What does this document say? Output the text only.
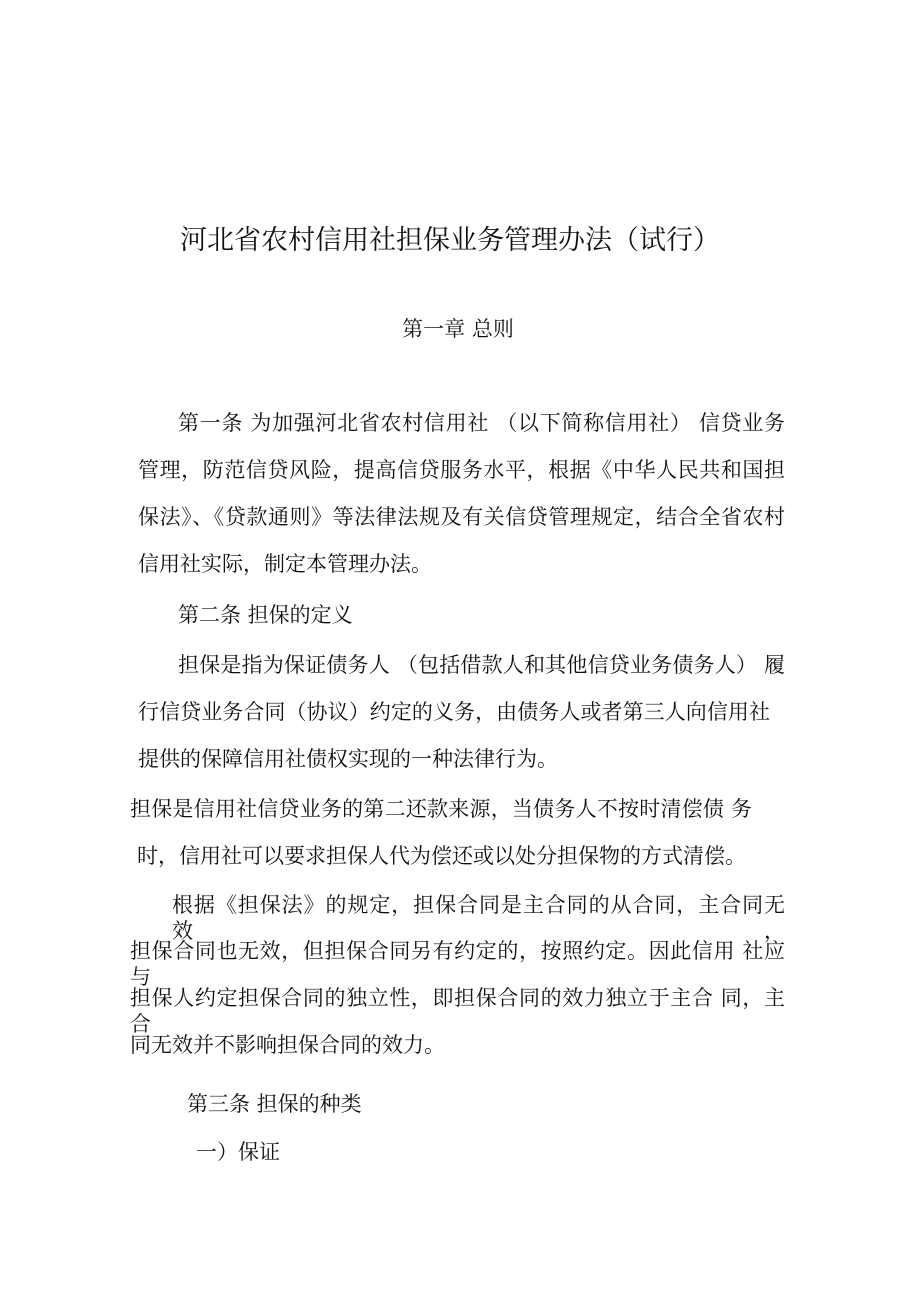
河北省农村信用社担保业务管理办法（试行）
第一章 总则
第一条 为加强河北省农村信用社 （以下简称信用社） 信贷业务
管理，防范信贷风险，提高信贷服务水平，根据《中华人民共和国担
保法》、《贷款通则》等法律法规及有关信贷管理规定，结合全省农村
信用社实际，制定本管理办法。
第二条 担保的定义
担保是指为保证债务人 （包括借款人和其他信贷业务债务人） 履
行信贷业务合同（协议）约定的义务，由债务人或者第三人向信用社
提供的保障信用社债权实现的一种法律行为。
担保是信用社信贷业务的第二还款来源，当债务人不按时清偿债 务
时，信用社可以要求担保人代为偿还或以处分担保物的方式清偿。
根据《担保法》的规定，担保合同是主合同的从合同，主合同无 效，
担保合同也无效，但担保合同另有约定的，按照约定。因此信用 社应与
担保人约定担保合同的独立性，即担保合同的效力独立于主合 同，主合
同无效并不影响担保合同的效力。
第三条 担保的种类
一）保证
